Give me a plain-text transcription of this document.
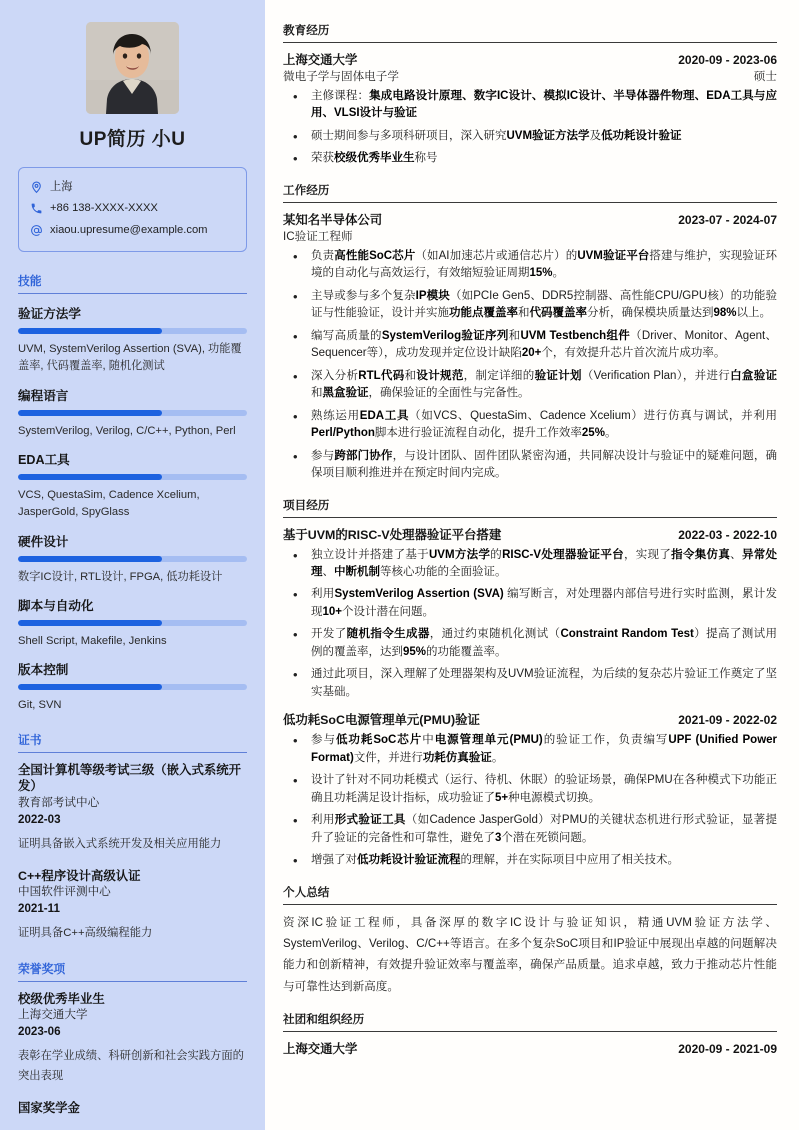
UP简历 小U
上海
+86 138-XXXX-XXXX
xiaou.upresume@example.com
技能
验证方法学
UVM, SystemVerilog Assertion (SVA), 功能覆盖率, 代码覆盖率, 随机化测试
编程语言
SystemVerilog, Verilog, C/C++, Python, Perl
EDA工具
VCS, QuestaSim, Cadence Xcelium, JasperGold, SpyGlass
硬件设计
数字IC设计, RTL设计, FPGA, 低功耗设计
脚本与自动化
Shell Script, Makefile, Jenkins
版本控制
Git, SVN
证书
全国计算机等级考试三级（嵌入式系统开发）
教育部考试中心
2022-03
证明具备嵌入式系统开发及相关应用能力
C++程序设计高级认证
中国软件评测中心
2021-11
证明具备C++高级编程能力
荣誉奖项
校级优秀毕业生
上海交通大学
2023-06
表彰在学业成绩、科研创新和社会实践方面的突出表现
国家奖学金
教育经历
上海交通大学	2020-09 - 2023-06
微电子学与固体电子学	硕士
• 主修课程：集成电路设计原理、数字IC设计、模拟IC设计、半导体器件物理、EDA工具与应用、VLSI设计与验证
• 硕士期间参与多项科研项目，深入研究UVM验证方法学及低功耗设计验证
• 荣获校级优秀毕业生称号
工作经历
某知名半导体公司	2023-07 - 2024-07
IC验证工程师
• 负责高性能SoC芯片（如AI加速芯片或通信芯片）的UVM验证平台搭建与维护，实现验证环境的自动化与高效运行，有效缩短验证周期15%。
• 主导或参与多个复杂IP模块（如PCIe Gen5、DDR5控制器、高性能CPU/GPU核）的功能验证与性能验证，设计并实施功能点覆盖率和代码覆盖率分析，确保模块质量达到98%以上。
• 编写高质量的SystemVerilog验证序列和UVM Testbench组件（Driver、Monitor、Agent、Sequencer等），成功发现并定位设计缺陷20+个，有效提升芯片首次流片成功率。
• 深入分析RTL代码和设计规范，制定详细的验证计划（Verification Plan），并进行白盒验证和黑盒验证，确保验证的全面性与完备性。
• 熟练运用EDA工具（如VCS、QuestaSim、Cadence Xcelium）进行仿真与调试，并利用Perl/Python脚本进行验证流程自动化，提升工作效率25%。
• 参与跨部门协作，与设计团队、固件团队紧密沟通，共同解决设计与验证中的疑难问题，确保项目顺利推进并在预定时间内完成。
项目经历
基于UVM的RISC-V处理器验证平台搭建	2022-03 - 2022-10
• 独立设计并搭建了基于UVM方法学的RISC-V处理器验证平台，实现了指令集仿真、异常处理、中断机制等核心功能的全面验证。
• 利用SystemVerilog Assertion (SVA) 编写断言，对处理器内部信号进行实时监测，累计发现10+个设计潜在问题。
• 开发了随机指令生成器，通过约束随机化测试（Constraint Random Test）提高了测试用例的覆盖率，达到95%的功能覆盖率。
• 通过此项目，深入理解了处理器架构及UVM验证流程，为后续的复杂芯片验证工作奠定了坚实基础。
低功耗SoC电源管理单元(PMU)验证	2021-09 - 2022-02
• 参与低功耗SoC芯片中电源管理单元(PMU)的验证工作，负责编写UPF (Unified Power Format)文件，并进行功耗仿真验证。
• 设计了针对不同功耗模式（运行、待机、休眠）的验证场景，确保PMU在各种模式下功能正确且功耗满足设计指标，成功验证了5+种电源模式切换。
• 利用形式验证工具（如Cadence JasperGold）对PMU的关键状态机进行形式验证，显著提升了验证的完备性和可靠性，避免了3个潜在死锁问题。
• 增强了对低功耗设计验证流程的理解，并在实际项目中应用了相关技术。
个人总结
资深IC验证工程师，具备深厚的数字IC设计与验证知识，精通UVM验证方法学、SystemVerilog、Verilog、C/C++等语言。在多个复杂SoC项目和IP验证中展现出卓越的问题解决能力和创新精神，有效提升验证效率与覆盖率，确保产品质量。追求卓越，致力于推动芯片性能与可靠性达到新高度。
社团和组织经历
上海交通大学	2020-09 - 2021-09
